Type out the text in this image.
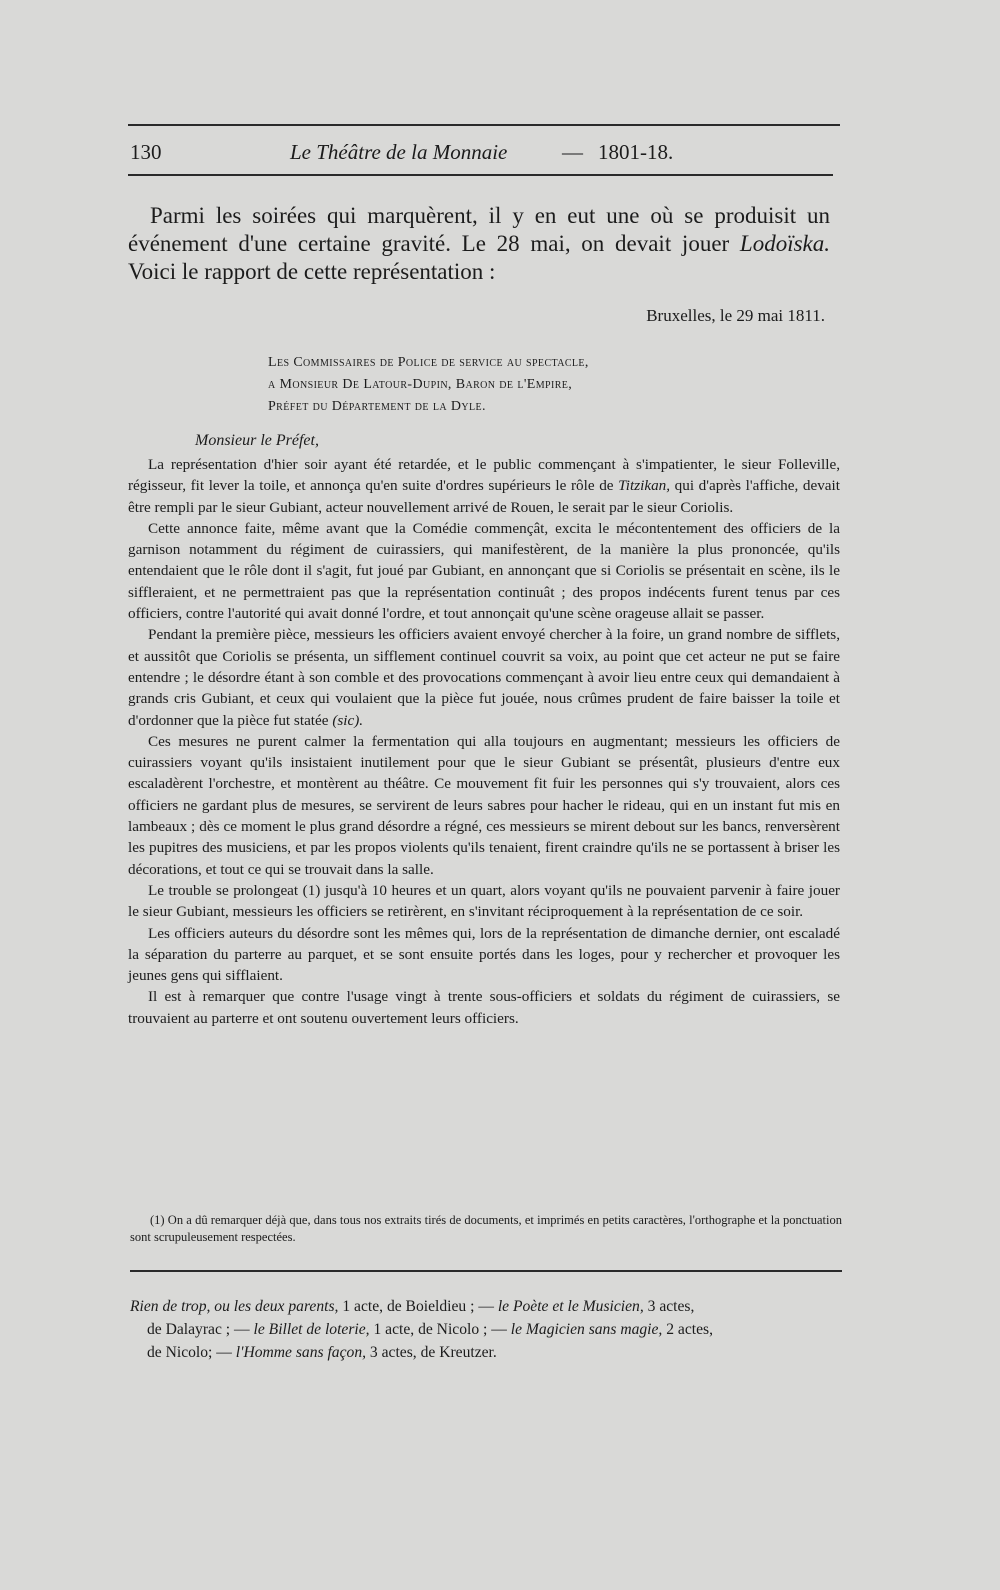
130	Le Théâtre de la Monnaie	— 1801-18.

Parmi les soirées qui marquèrent, il y en eut une où se produisit un événement d'une certaine gravité. Le 28 mai, on devait jouer Lodoïska. Voici le rapport de cette représentation :

Bruxelles, le 29 mai 1811.

Les Commissaires de Police de service au spectacle,
a Monsieur De Latour-Dupin, Baron de l'Empire,
Préfet du Département de la Dyle.

Monsieur le Préfet,

La représentation d'hier soir ayant été retardée, et le public commençant à s'impatienter, le sieur Folleville, régisseur, fit lever la toile, et annonça qu'en suite d'ordres supérieurs le rôle de Titzikan, qui d'après l'affiche, devait être rempli par le sieur Gubiant, acteur nouvellement arrivé de Rouen, le serait par le sieur Coriolis.

Cette annonce faite, même avant que la Comédie commençât, excita le mécontentement des officiers de la garnison notamment du régiment de cuirassiers, qui manifestèrent, de la manière la plus prononcée, qu'ils entendaient que le rôle dont il s'agit, fut joué par Gubiant, en annonçant que si Coriolis se présentait en scène, ils le siffleraient, et ne permettraient pas que la représentation continuât ; des propos indécents furent tenus par ces officiers, contre l'autorité qui avait donné l'ordre, et tout annonçait qu'une scène orageuse allait se passer.

Pendant la première pièce, messieurs les officiers avaient envoyé chercher à la foire, un grand nombre de sifflets, et aussitôt que Coriolis se présenta, un sifflement continuel couvrit sa voix, au point que cet acteur ne put se faire entendre ; le désordre étant à son comble et des provocations commençant à avoir lieu entre ceux qui demandaient à grands cris Gubiant, et ceux qui voulaient que la pièce fut jouée, nous crûmes prudent de faire baisser la toile et d'ordonner que la pièce fut statée (sic).

Ces mesures ne purent calmer la fermentation qui alla toujours en augmentant; messieurs les officiers de cuirassiers voyant qu'ils insistaient inutilement pour que le sieur Gubiant se présentât, plusieurs d'entre eux escaladèrent l'orchestre, et montèrent au théâtre. Ce mouvement fit fuir les personnes qui s'y trouvaient, alors ces officiers ne gardant plus de mesures, se servirent de leurs sabres pour hacher le rideau, qui en un instant fut mis en lambeaux ; dès ce moment le plus grand désordre a régné, ces messieurs se mirent debout sur les bancs, renversèrent les pupitres des musiciens, et par les propos violents qu'ils tenaient, firent craindre qu'ils ne se portassent à briser les décorations, et tout ce qui se trouvait dans la salle.

Le trouble se prolongeat (1) jusqu'à 10 heures et un quart, alors voyant qu'ils ne pouvaient parvenir à faire jouer le sieur Gubiant, messieurs les officiers se retirèrent, en s'invitant réciproquement à la représentation de ce soir.

Les officiers auteurs du désordre sont les mêmes qui, lors de la représentation de dimanche dernier, ont escaladé la séparation du parterre au parquet, et se sont ensuite portés dans les loges, pour y rechercher et provoquer les jeunes gens qui sifflaient.

Il est à remarquer que contre l'usage vingt à trente sous-officiers et soldats du régiment de cuirassiers, se trouvaient au parterre et ont soutenu ouvertement leurs officiers.

(1) On a dû remarquer déjà que, dans tous nos extraits tirés de documents, et imprimés en petits caractères, l'orthographe et la ponctuation sont scrupuleusement respectées.

Rien de trop, ou les deux parents, 1 acte, de Boieldieu ; — le Poète et le Musicien, 3 actes,
de Dalayrac ; — le Billet de loterie, 1 acte, de Nicolo ; — le Magicien sans magie, 2 actes,
de Nicolo; — l'Homme sans façon, 3 actes, de Kreutzer.
